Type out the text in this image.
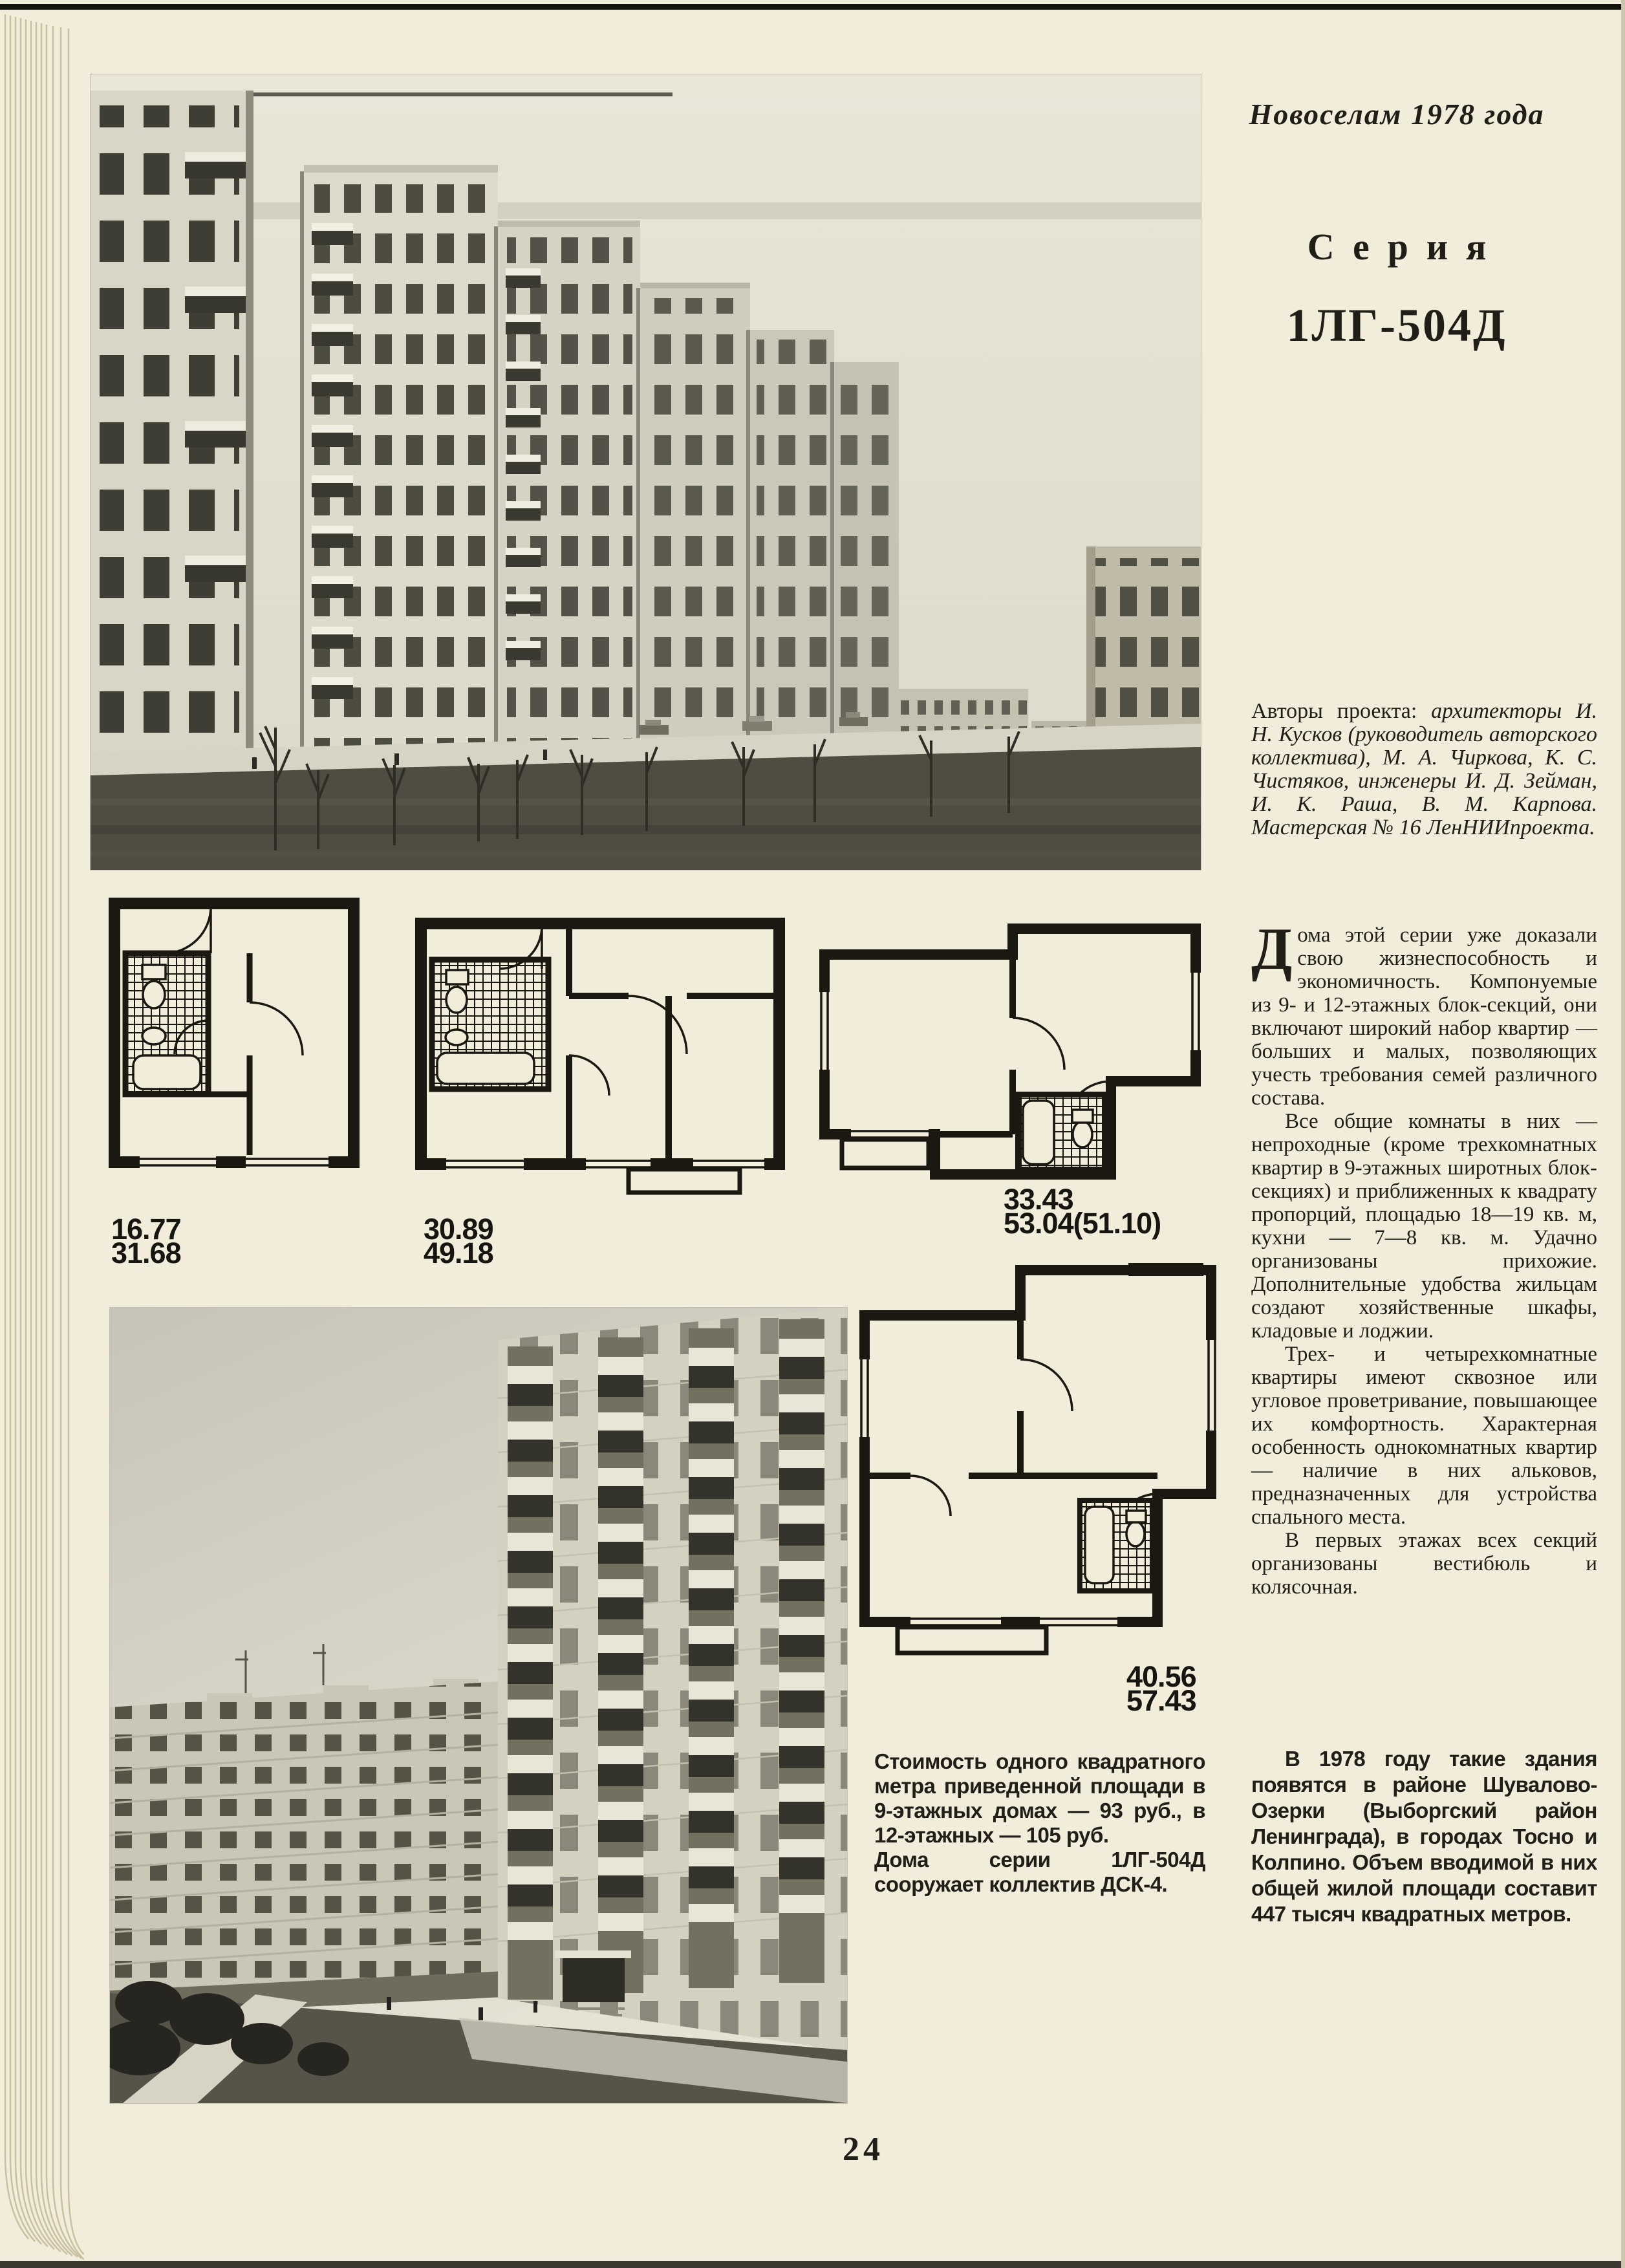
Новоселам 1978 года
Серия
1ЛГ-504Д
Авторы проекта: архитекторы И. Н. Кусков (руководитель авторского коллектива), М. А. Чиркова, К. С. Чистяков, инженеры И. Д. Зейман, И. К. Раша, В. М. Карпова. Мастерская № 16 ЛенНИИпроекта.

Дома этой серии уже доказали свою жизнеспособность и экономичность. Компонуемые из 9- и 12-этажных блок-секций, они включают широкий набор квартир — больших и малых, позволяющих учесть требования семей различного состава.

Все общие комнаты в них — непроходные (кроме трехкомнатных квартир в 9-этажных широтных блок-секциях) и приближенных к квадрату пропорций, площадью 18—19 кв. м, кухни — 7—8 кв. м. Удачно организованы прихожие. Дополнительные удобства жильцам создают хозяйственные шкафы, кладовые и лоджии.

Трех- и четырехкомнатные квартиры имеют сквозное или угловое проветривание, повышающее их комфортность. Характерная особенность однокомнатных квартир — наличие в них альковов, предназначенных для устройства спального места.

В первых этажах всех секций организованы вестибюль и колясочная.

В 1978 году такие здания появятся в районе Шувалово-Озерки (Выборгский район Ленинграда), в городах Тосно и Колпино. Объем вводимой в них общей жилой площади составит 447 тысяч квадратных метров.
16.77
31.68
30.89
49.18
33.43
53.04(51.10)
40.56
57.43

Стоимость одного квадратного метра приведенной площади в 9-этажных домах — 93 руб., в 12-этажных — 105 руб.

Дома серии 1ЛГ-504Д сооружает коллектив ДСК-4.

24
